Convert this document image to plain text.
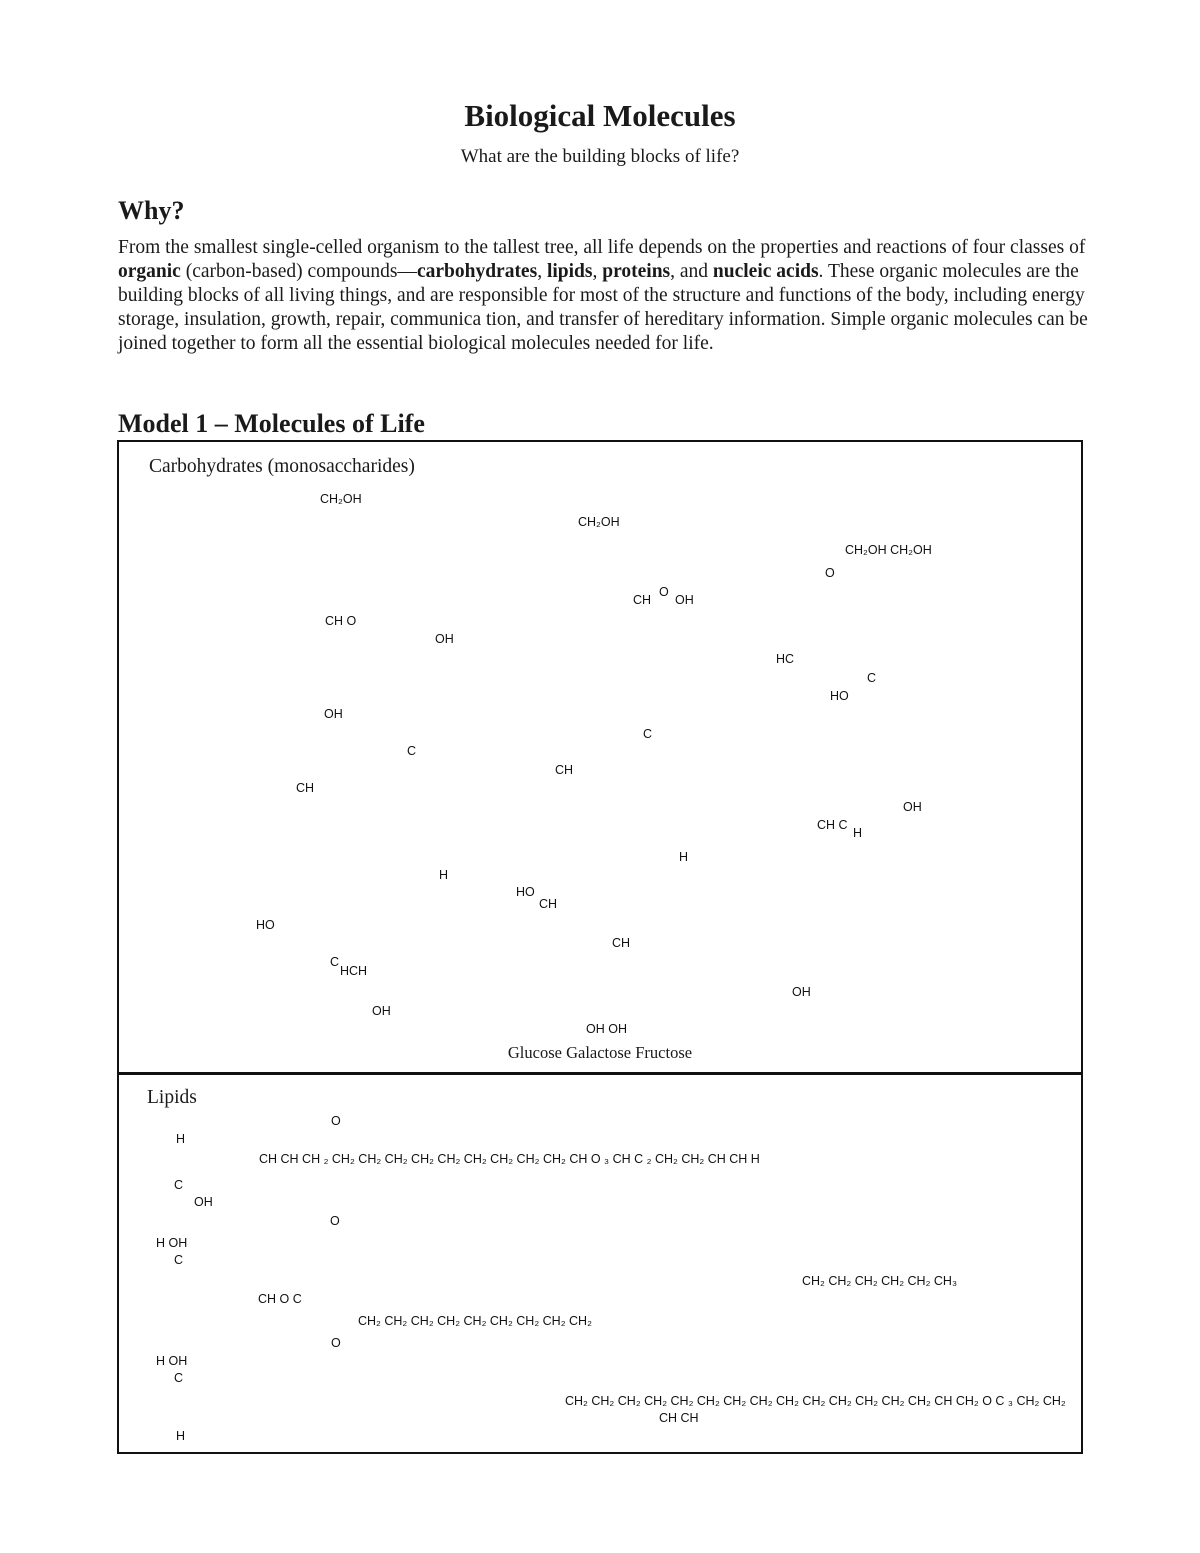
Biological Molecules
What are the building blocks of life?
Why?
From the smallest single-celled organism to the tallest tree, all life depends on the properties and reactions of four classes of organic (carbon-based) compounds—carbohydrates, lipids, proteins, and nucleic acids. These organic molecules are the building blocks of all living things, and are responsible for most of the structure and functions of the body, including energy storage, insulation, growth, repair, communica tion, and transfer of hereditary information. Simple organic molecules can be joined together to form all the essential biological molecules needed for life.
Model 1 – Molecules of Life
Carbohydrates (monosaccharides)
Glucose Galactose Fructose
CH₂OH
CH₂OH
CH₂OH CH₂OH
O
CH
O
OH
CH O
OH
HC
C
HO
OH
C
C
CH
CH
OH
CH C
H
H
H
HO
CH
HO
CH
C
HCH
OH
OH
OH OH
Lipids
O
H
CH CH CH ₂ CH₂ CH₂ CH₂ CH₂ CH₂ CH₂ CH₂ CH₂ CH₂ CH O ₃ CH C ₂ CH₂ CH₂ CH CH H
C
OH
O
H OH
C
CH₂ CH₂ CH₂ CH₂ CH₂ CH₃
CH O C
CH₂ CH₂ CH₂ CH₂ CH₂ CH₂ CH₂ CH₂ CH₂
O
H OH
C
CH₂ CH₂ CH₂ CH₂ CH₂ CH₂ CH₂ CH₂ CH₂ CH₂ CH₂ CH₂ CH₂ CH₂ CH CH₂ O C ₃ CH₂ CH₂
CH CH
H
